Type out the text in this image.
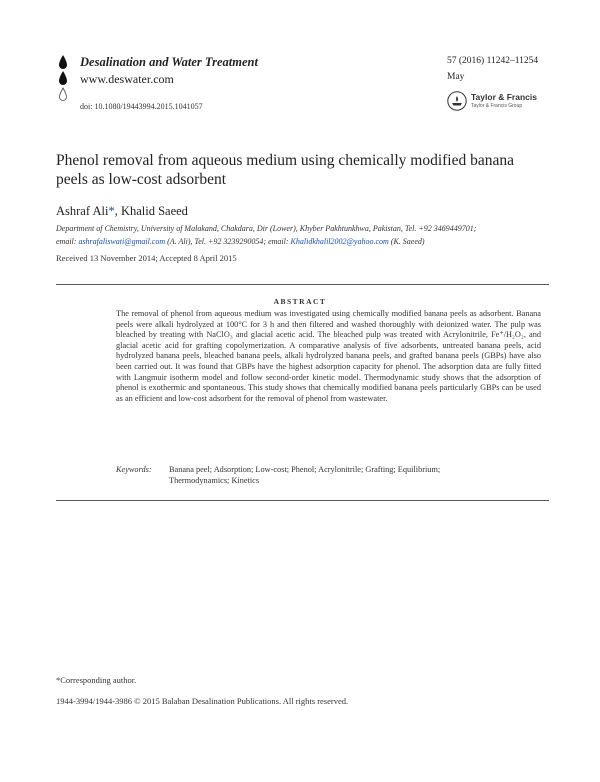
Desalination and Water Treatment
www.deswater.com
doi: 10.1080/19443994.2015.1041057
57 (2016) 11242–11254
May
Taylor & Francis
Taylor & Francis Group
Phenol removal from aqueous medium using chemically modified banana peels as low-cost adsorbent
Ashraf Ali*, Khalid Saeed
Department of Chemistry, University of Malakand, Chakdara, Dir (Lower), Khyber Pakhtunkhwa, Pakistan, Tel. +92 3469449701;
email: ashrafaliswati@gmail.com (A. Ali), Tel. +92 3239290054; email: Khalidkhalil2002@yahoo.com (K. Saeed)
Received 13 November 2014; Accepted 8 April 2015
ABSTRACT
The removal of phenol from aqueous medium was investigated using chemically modified banana peels as adsorbent. Banana peels were alkali hydrolyzed at 100°C for 3 h and then filtered and washed thoroughly with deionized water. The pulp was bleached by treating with NaClO₃ and glacial acetic acid. The bleached pulp was treated with Acrylonitrile, Fe⁺/H₂O₂, and glacial acetic acid for grafting copolymerization. A comparative analysis of five adsorbents, untreated banana peels, acid hydrolyzed banana peels, bleached banana peels, alkali hydrolyzed banana peels, and grafted banana peels (GBPs) have also been carried out. It was found that GBPs have the highest adsorption capacity for phenol. The adsorption data are fully fitted with Langmuir isotherm model and follow second-order kinetic model. Thermodynamic study shows that the adsorption of phenol is exothermic and spontaneous. This study shows that chemically modified banana peels particularly GBPs can be used as an efficient and low-cost adsorbent for the removal of phenol from wastewater.
Keywords: Banana peel; Adsorption; Low-cost; Phenol; Acrylonitrile; Grafting; Equilibrium;
Thermodynamics; Kinetics
*Corresponding author.
1944-3994/1944-3986 © 2015 Balaban Desalination Publications. All rights reserved.
